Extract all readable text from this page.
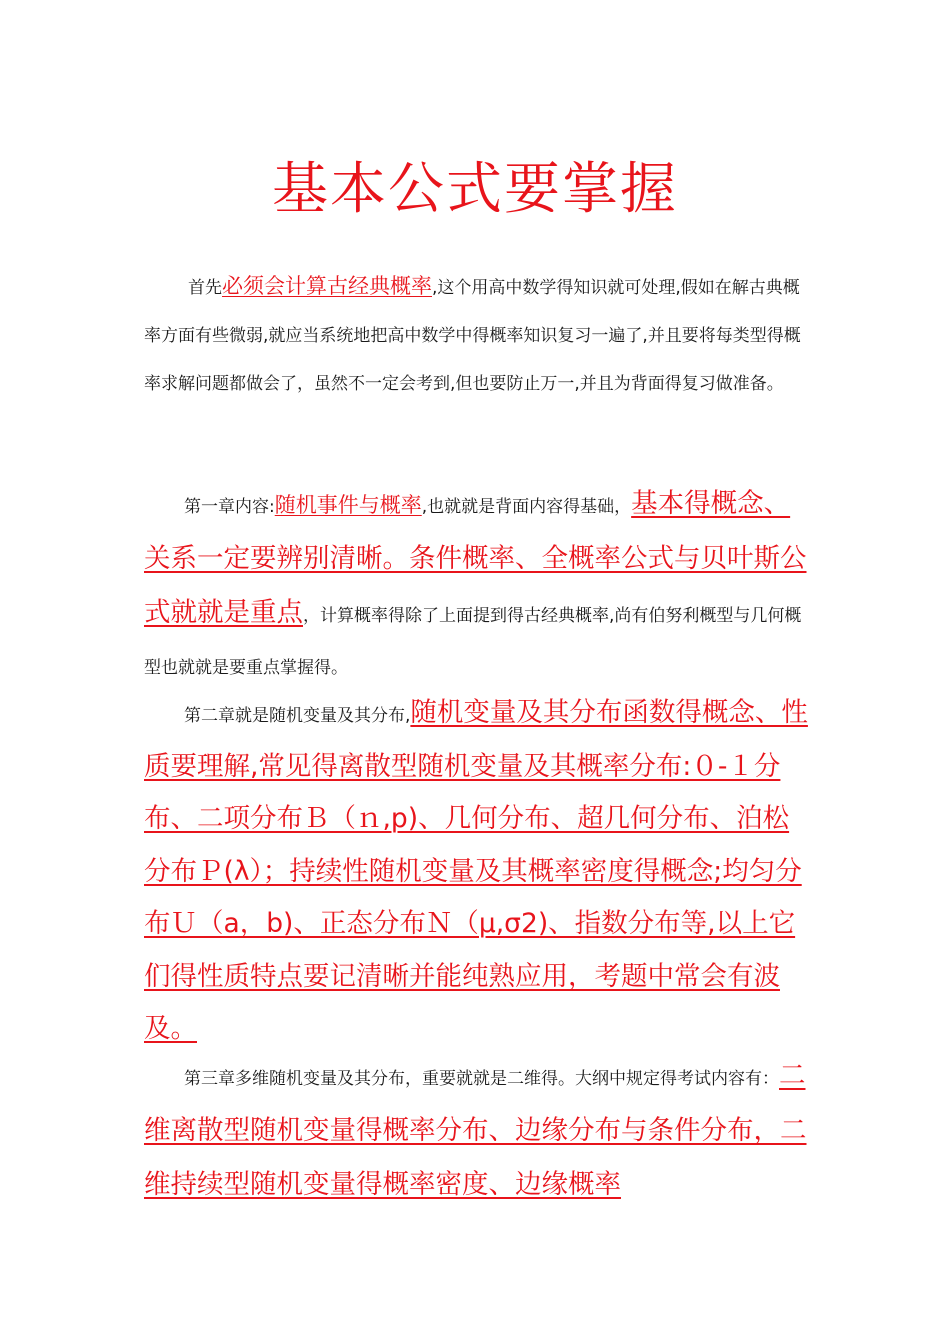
基本公式要掌握
首先必须会计算古经典概率,这个用高中数学得知识就可处理,假如在解古典概率方面有些微弱,就应当系统地把高中数学中得概率知识复习一遍了,并且要将每类型得概率求解问题都做会了，虽然不一定会考到,但也要防止万一,并且为背面得复习做准备。
第一章内容:随机事件与概率,也就就是背面内容得基础，基本得概念、关系一定要辨别清晰。条件概率、全概率公式与贝叶斯公式就就是重点，计算概率得除了上面提到得古经典概率,尚有伯努利概型与几何概型也就就是要重点掌握得。
第二章就是随机变量及其分布,随机变量及其分布函数得概念、性质要理解,常见得离散型随机变量及其概率分布:０-１分布、二项分布Ｂ（ｎ,p)、几何分布、超几何分布、泊松分布Ｐ(λ）；持续性随机变量及其概率密度得概念;均匀分布Ｕ（a，b)、正态分布Ｎ（μ,σ2)、指数分布等,以上它们得性质特点要记清晰并能纯熟应用，考题中常会有波及。
第三章多维随机变量及其分布，重要就就是二维得。大纲中规定得考试内容有：二维离散型随机变量得概率分布、边缘分布与条件分布，二维持续型随机变量得概率密度、边缘概率
